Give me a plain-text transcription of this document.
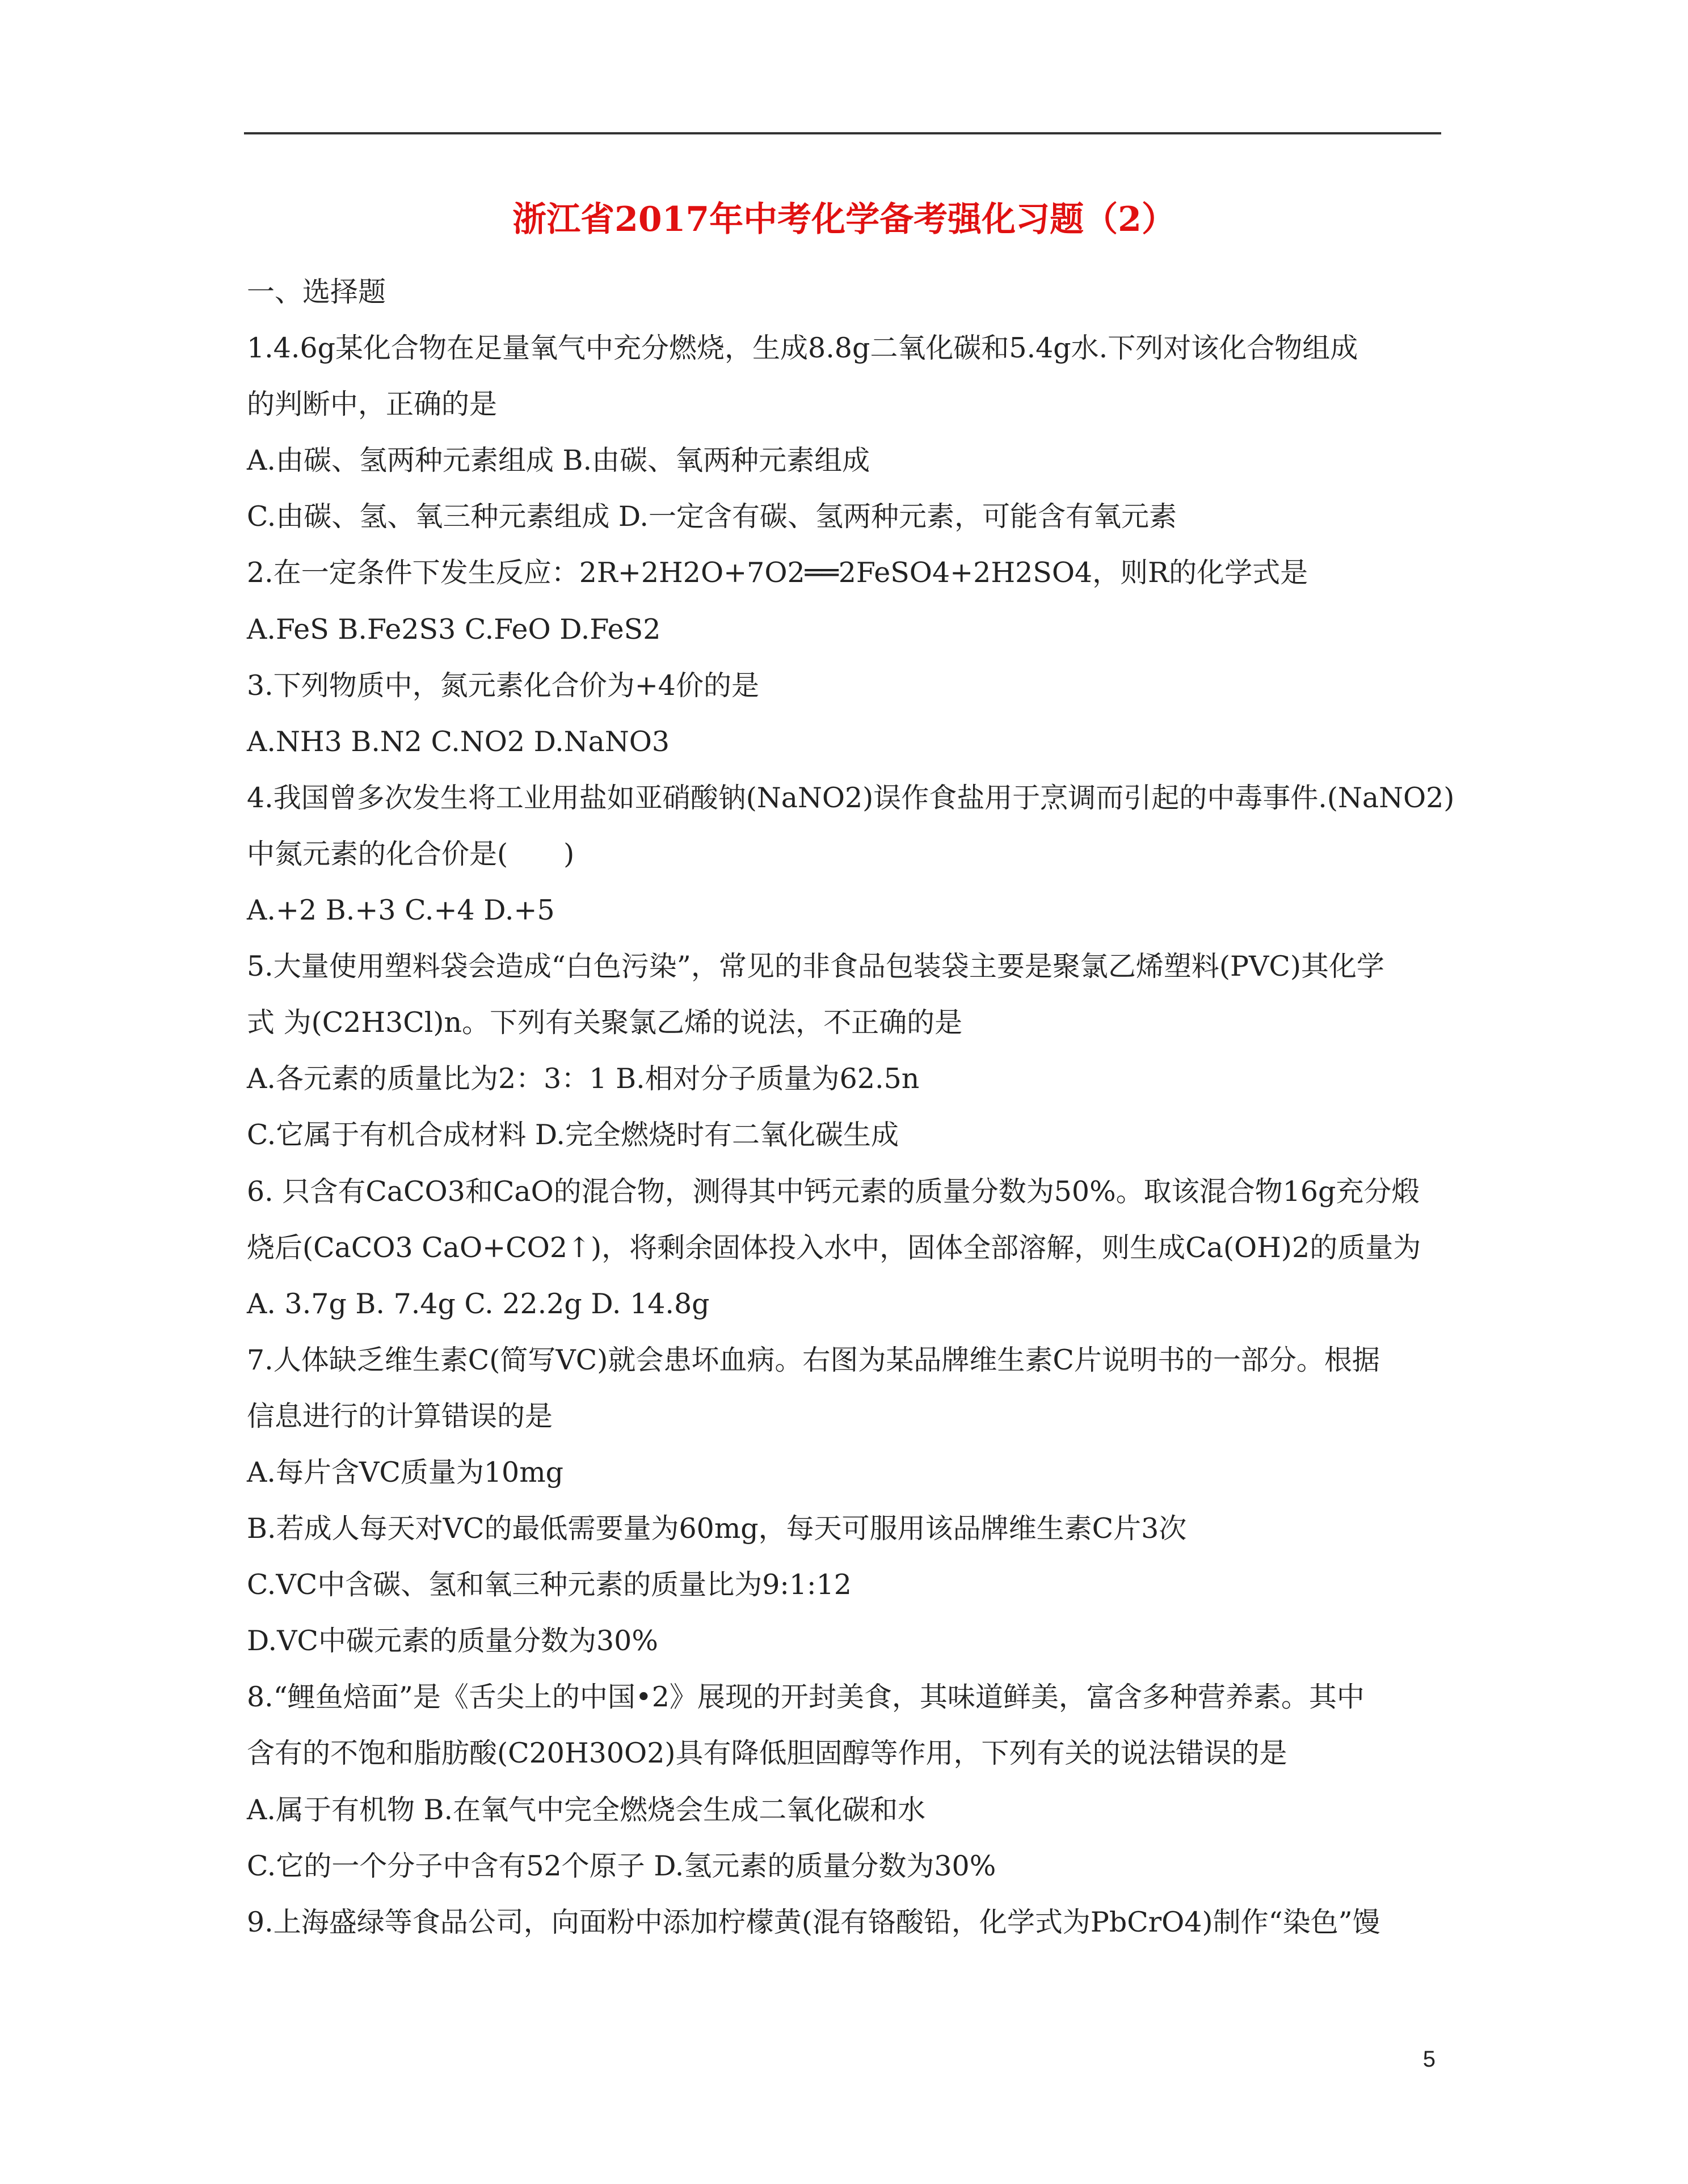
浙江省2017年中考化学备考强化习题（2）
一、选择题
1.4.6g某化合物在足量氧气中充分燃烧，生成8.8g二氧化碳和5.4g水.下列对该化合物组成
的判断中，正确的是
A.由碳、氢两种元素组成 B.由碳、氧两种元素组成
C.由碳、氢、氧三种元素组成 D.一定含有碳、氢两种元素，可能含有氧元素
2.在一定条件下发生反应：2R+2H2O+7O2══2FeSO4+2H2SO4，则R的化学式是
A.FeS B.Fe2S3 C.FeO D.FeS2
3.下列物质中，氮元素化合价为+4价的是
A.NH3 B.N2 C.NO2 D.NaNO3
4.我国曾多次发生将工业用盐如亚硝酸钠(NaNO2)误作食盐用于烹调而引起的中毒事件.(NaNO2)
中氮元素的化合价是(　　)
A.+2 B.+3 C.+4 D.+5
5.大量使用塑料袋会造成“白色污染”，常见的非食品包装袋主要是聚氯乙烯塑料(PVC)其化学
式 为(C2H3Cl)n。下列有关聚氯乙烯的说法，不正确的是
A.各元素的质量比为2：3：1 B.相对分子质量为62.5n
C.它属于有机合成材料 D.完全燃烧时有二氧化碳生成
6. 只含有CaCO3和CaO的混合物，测得其中钙元素的质量分数为50%。取该混合物16g充分煅
烧后(CaCO3 CaO+CO2↑)，将剩余固体投入水中，固体全部溶解，则生成Ca(OH)2的质量为
A. 3.7g B. 7.4g C. 22.2g D. 14.8g
7.人体缺乏维生素C(简写VC)就会患坏血病。右图为某品牌维生素C片说明书的一部分。根据
信息进行的计算错误的是
A.每片含VC质量为10mg
B.若成人每天对VC的最低需要量为60mg，每天可服用该品牌维生素C片3次
C.VC中含碳、氢和氧三种元素的质量比为9:1:12
D.VC中碳元素的质量分数为30%
8.“鲤鱼焙面”是《舌尖上的中国•2》展现的开封美食，其味道鲜美，富含多种营养素。其中
含有的不饱和脂肪酸(C20H30O2)具有降低胆固醇等作用，下列有关的说法错误的是
A.属于有机物 B.在氧气中完全燃烧会生成二氧化碳和水
C.它的一个分子中含有52个原子 D.氢元素的质量分数为30%
9.上海盛绿等食品公司，向面粉中添加柠檬黄(混有铬酸铅，化学式为PbCrO4)制作“染色”馒
5
